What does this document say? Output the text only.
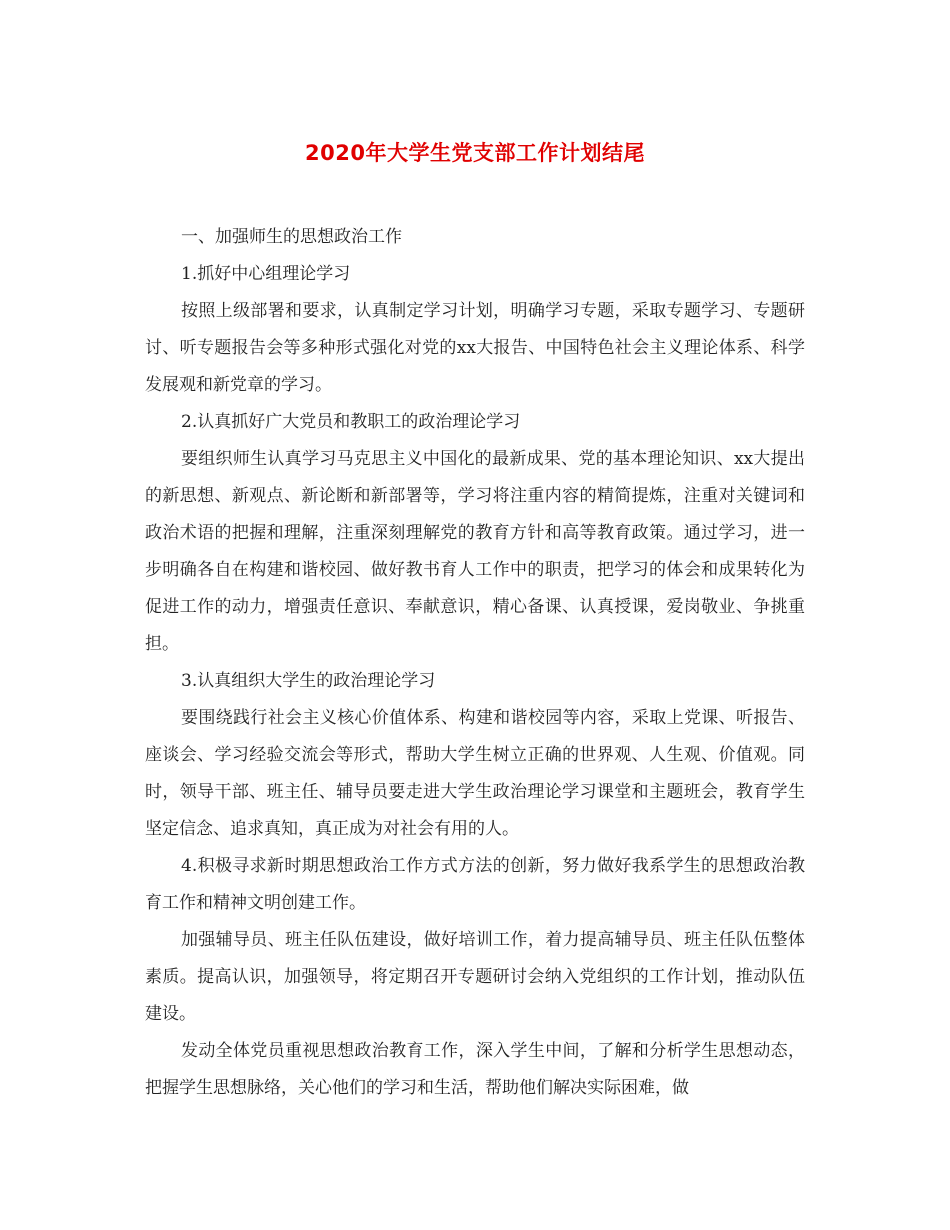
2020年大学生党支部工作计划结尾

一、加强师生的思想政治工作

1.抓好中心组理论学习

按照上级部署和要求，认真制定学习计划，明确学习专题，采取专题学习、专题研讨、听专题报告会等多种形式强化对党的xx大报告、中国特色社会主义理论体系、科学发展观和新党章的学习。

2.认真抓好广大党员和教职工的政治理论学习

要组织师生认真学习马克思主义中国化的最新成果、党的基本理论知识、xx大提出的新思想、新观点、新论断和新部署等，学习将注重内容的精简提炼，注重对关键词和政治术语的把握和理解，注重深刻理解党的教育方针和高等教育政策。通过学习，进一步明确各自在构建和谐校园、做好教书育人工作中的职责，把学习的体会和成果转化为促进工作的动力，增强责任意识、奉献意识，精心备课、认真授课，爱岗敬业、争挑重担。

3.认真组织大学生的政治理论学习

要围绕践行社会主义核心价值体系、构建和谐校园等内容，采取上党课、听报告、座谈会、学习经验交流会等形式，帮助大学生树立正确的世界观、人生观、价值观。同时，领导干部、班主任、辅导员要走进大学生政治理论学习课堂和主题班会，教育学生坚定信念、追求真知，真正成为对社会有用的人。

4.积极寻求新时期思想政治工作方式方法的创新，努力做好我系学生的思想政治教育工作和精神文明创建工作。

加强辅导员、班主任队伍建设，做好培训工作，着力提高辅导员、班主任队伍整体素质。提高认识，加强领导，将定期召开专题研讨会纳入党组织的工作计划，推动队伍建设。

发动全体党员重视思想政治教育工作，深入学生中间，了解和分析学生思想动态，把握学生思想脉络，关心他们的学习和生活，帮助他们解决实际困难，做
